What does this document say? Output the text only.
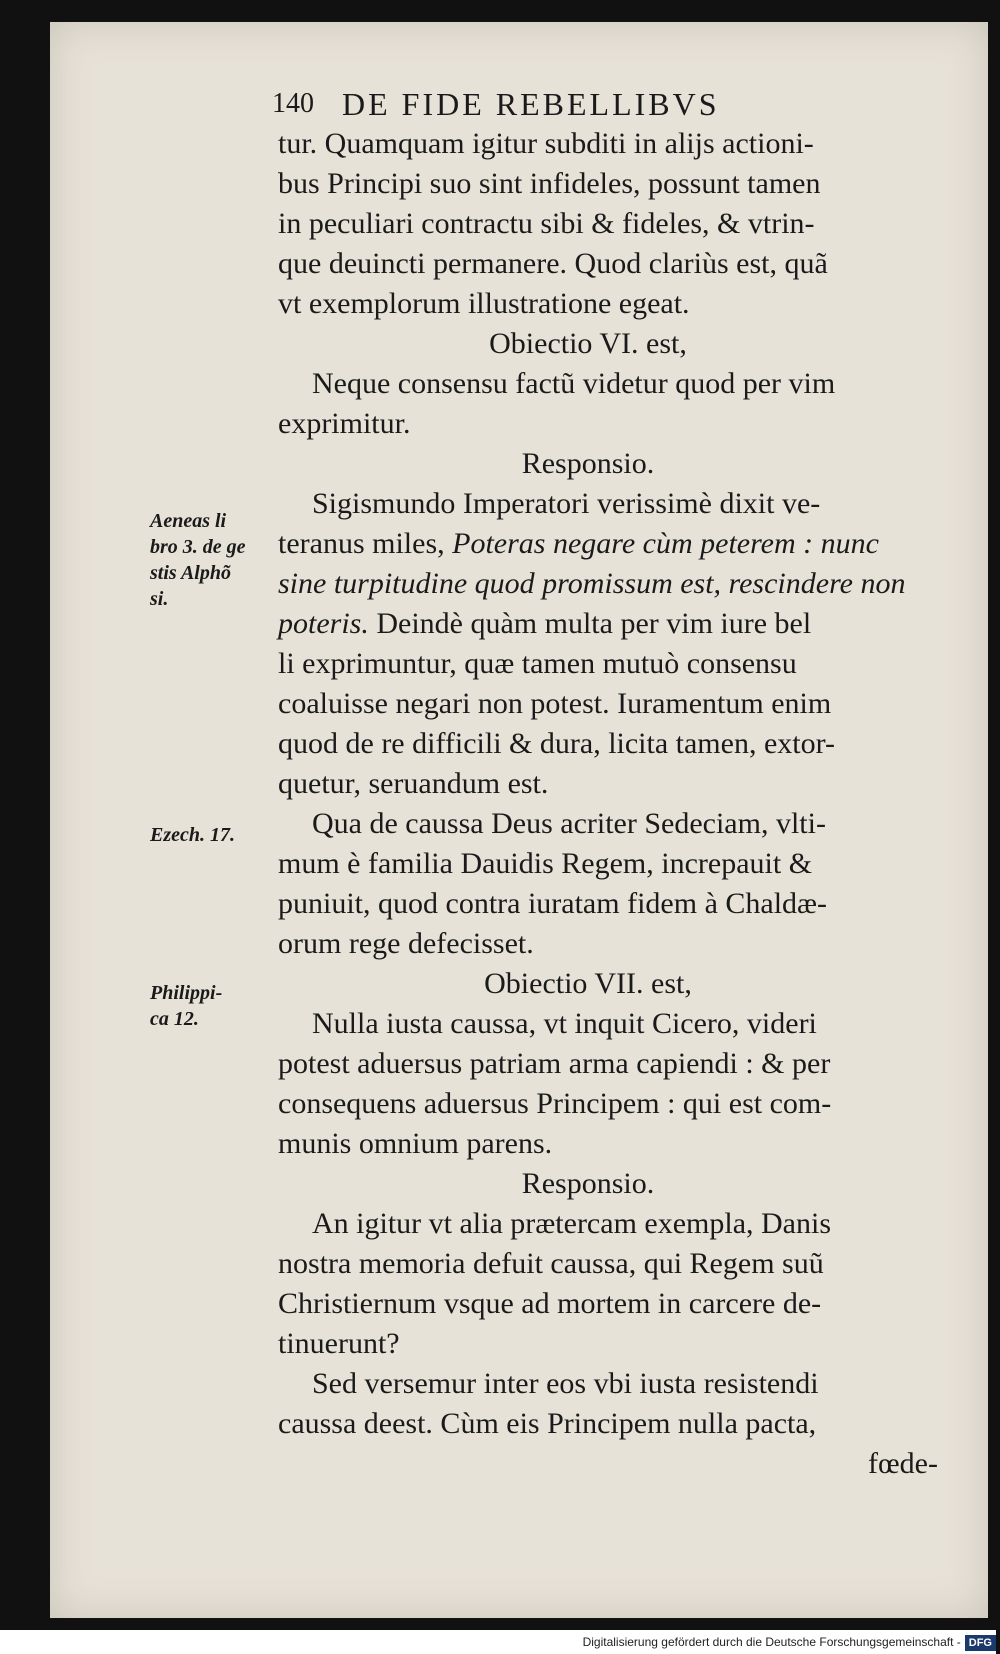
140 DE FIDE REBELLIBVS
Aeneas li
bro 3. de ge
stis Alphõ
si.
Ezech. 17.
Philippi-
ca 12.
tur. Quamquam igitur subditi in alijs actioni-
bus Principi suo sint infideles, possunt tamen
in peculiari contractu sibi & fideles, & vtrin-
que deuincti permanere. Quod clariùs est, quã
vt exemplorum illustratione egeat.
Obiectio VI. est,
Neque consensu factũ videtur quod per vim
exprimitur.
Responsio.
Sigismundo Imperatori verissimè dixit ve-
teranus miles, Poteras negare cùm peterem : nunc
sine turpitudine quod promissum est, rescindere non
poteris. Deindè quàm multa per vim iure bel
li exprimuntur, quæ tamen mutuò consensu
coaluisse negari non potest. Iuramentum enim
quod de re difficili & dura, licita tamen, extor-
quetur, seruandum est.
Qua de caussa Deus acriter Sedeciam, vlti-
mum è familia Dauidis Regem, increpauit &
puniuit, quod contra iuratam fidem à Chaldæ-
orum rege defecisset.
Obiectio VII. est,
Nulla iusta caussa, vt inquit Cicero, videri
potest aduersus patriam arma capiendi : & per
consequens aduersus Principem : qui est com-
munis omnium parens.
Responsio.
An igitur vt alia prætercam exempla, Danis
nostra memoria defuit caussa, qui Regem suũ
Christiernum vsque ad mortem in carcere de-
tinuerunt?
Sed versemur inter eos vbi iusta resistendi
caussa deest. Cùm eis Principem nulla pacta,
fœde-
Digitalisierung gefördert durch die Deutsche Forschungsgemeinschaft - DFG
